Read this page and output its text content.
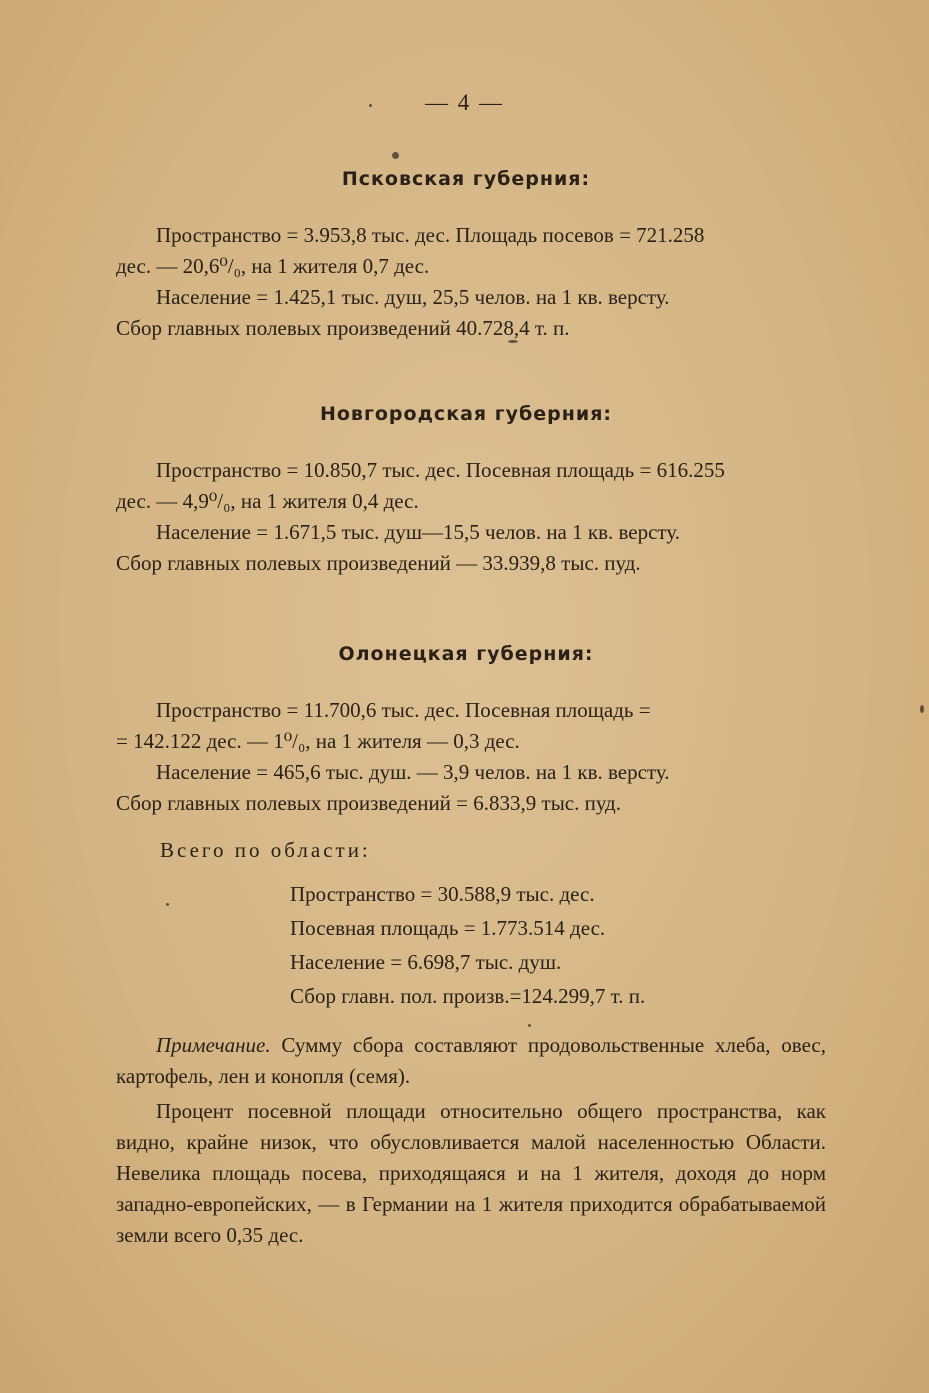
— 4 —
Псковская губерния:

Пространство = 3.953,8 тыс. дес. Площадь посевов = 721.258
дес. — 20,6⁰/₀, на 1 жителя 0,7 дес.

Население = 1.425,1 тыс. душ, 25,5 челов. на 1 кв. версту.
Сбор главных полевых произведений 40.728,4 т. п.

Новгородская губерния:

Пространство = 10.850,7 тыс. дес. Посевная площадь = 616.255
дес. — 4,9⁰/₀, на 1 жителя 0,4 дес.

Население = 1.671,5 тыс. душ—15,5 челов. на 1 кв. версту.
Сбор главных полевых произведений — 33.939,8 тыс. пуд.

Олонецкая губерния:

Пространство = 11.700,6 тыс. дес. Посевная площадь =
= 142.122 дес. — 1⁰/₀, на 1 жителя — 0,3 дес.

Население = 465,6 тыс. душ. — 3,9 челов. на 1 кв. версту.
Сбор главных полевых произведений = 6.833,9 тыс. пуд.

Всего по области:

Пространство = 30.588,9 тыс. дес.
Посевная площадь = 1.773.514 дес.
Население = 6.698,7 тыс. душ.
Сбор главн. пол. произв.=124.299,7 т. п.

Примечание. Сумму сбора составляют продовольственные хлеба, овес, картофель, лен и конопля (семя).

Процент посевной площади относительно общего пространства, как видно, крайне низок, что обусловливается малой населенностью Области. Невелика площадь посева, приходящаяся и на 1 жителя, доходя до норм западно-европейских, — в Германии на 1 жителя приходится обрабатываемой земли всего 0,35 дес.
